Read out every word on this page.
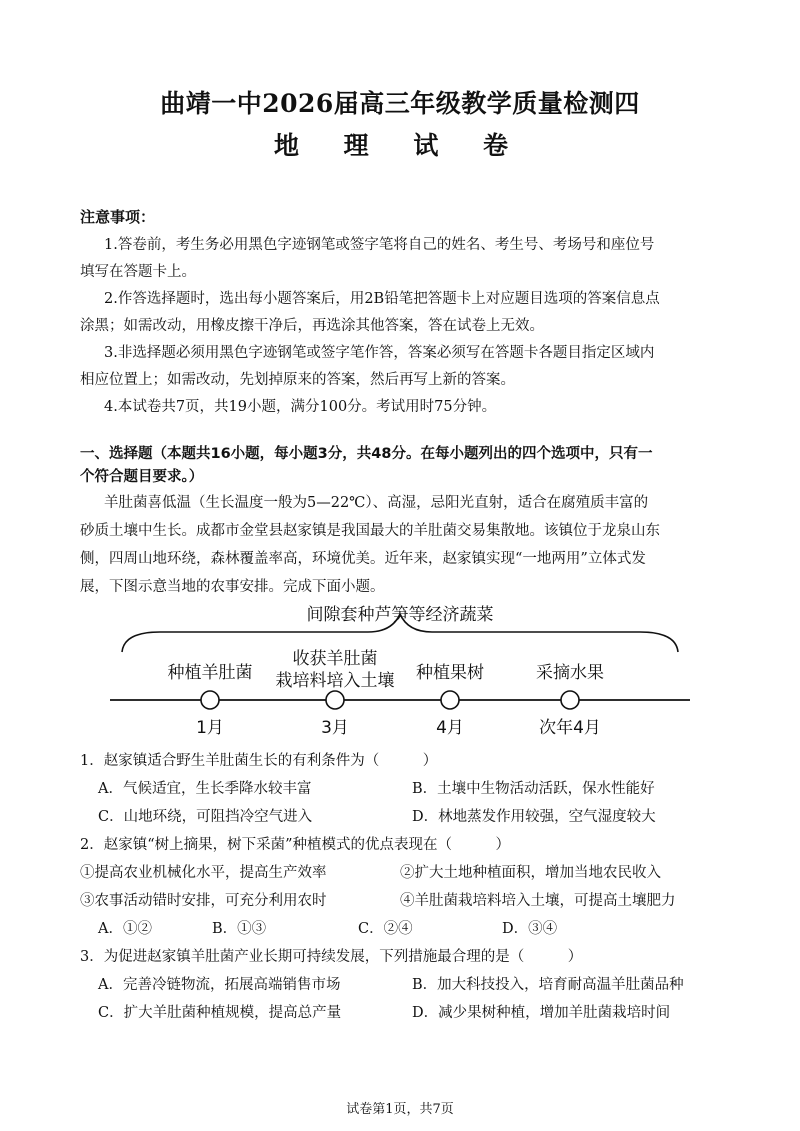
曲靖一中2026届高三年级教学质量检测四
地 理 试 卷
注意事项：
1.答卷前，考生务必用黑色字迹钢笔或签字笔将自己的姓名、考生号、考场号和座位号
填写在答题卡上。
2.作答选择题时，选出每小题答案后，用2B铅笔把答题卡上对应题目选项的答案信息点
涂黑；如需改动，用橡皮擦干净后，再选涂其他答案，答在试卷上无效。
3.非选择题必须用黑色字迹钢笔或签字笔作答，答案必须写在答题卡各题目指定区域内
相应位置上；如需改动，先划掉原来的答案，然后再写上新的答案。
4.本试卷共7页，共19小题，满分100分。考试用时75分钟。
一、选择题（本题共16小题，每小题3分，共48分。在每小题列出的四个选项中，只有一
个符合题目要求。）
羊肚菌喜低温（生长温度一般为5—22℃）、高湿，忌阳光直射，适合在腐殖质丰富的
砂质土壤中生长。成都市金堂县赵家镇是我国最大的羊肚菌交易集散地。该镇位于龙泉山东
侧，四周山地环绕，森林覆盖率高，环境优美。近年来，赵家镇实现“一地两用”立体式发
展，下图示意当地的农事安排。完成下面小题。
间隙套种芦笋等经济蔬菜
种植羊肚菌
收获羊肚菌
栽培料培入土壤	种植果树	采摘水果
1月	3月	4月	次年4月
1．赵家镇适合野生羊肚菌生长的有利条件为（　　　）
A．气候适宜，生长季降水较丰富	B．土壤中生物活动活跃，保水性能好
C．山地环绕，可阻挡冷空气进入	D．林地蒸发作用较强，空气湿度较大
2．赵家镇“树上摘果，树下采菌”种植模式的优点表现在（　　　）
①提高农业机械化水平，提高生产效率	②扩大土地种植面积，增加当地农民收入
③农事活动错时安排，可充分利用农时	④羊肚菌栽培料培入土壤，可提高土壤肥力
A．①②	B．①③	C．②④	D．③④
3．为促进赵家镇羊肚菌产业长期可持续发展，下列措施最合理的是（　　　）
A．完善冷链物流，拓展高端销售市场	B．加大科技投入，培育耐高温羊肚菌品种
C．扩大羊肚菌种植规模，提高总产量	D．减少果树种植，增加羊肚菌栽培时间
试卷第1页，共7页
